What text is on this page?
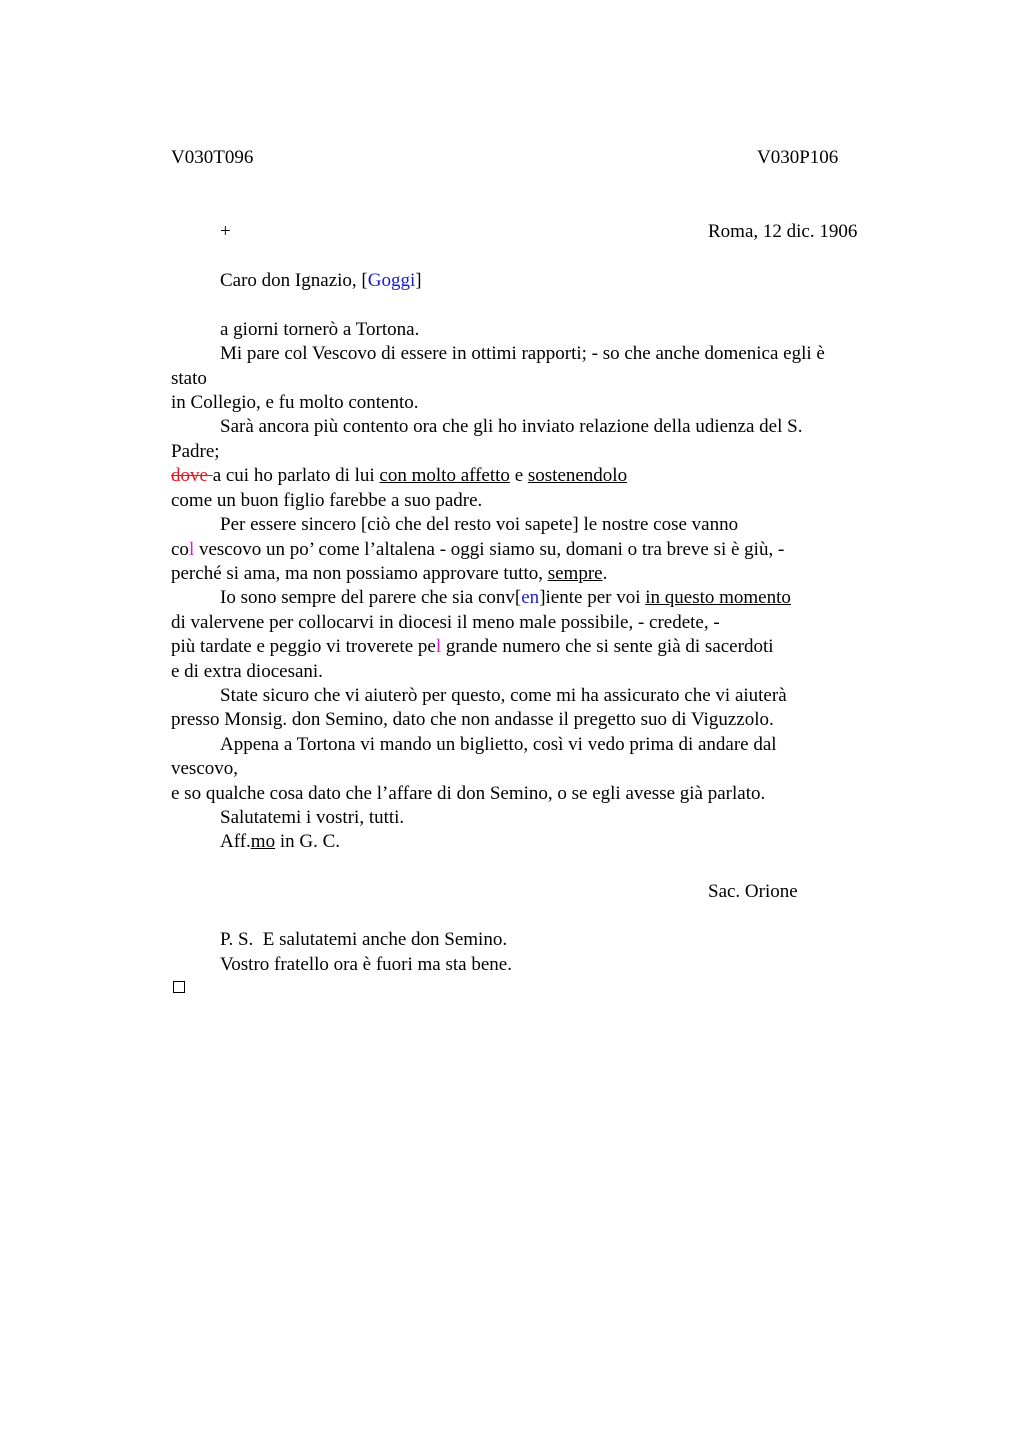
V030T096	V030P106
+	Roma, 12 dic. 1906
Caro don Ignazio, [Goggi]
a giorni tornerò a Tortona.
Mi pare col Vescovo di essere in ottimi rapporti; - so che anche domenica egli è
stato
in Collegio, e fu molto contento.
Sarà ancora più contento ora che gli ho inviato relazione della udienza del S.
Padre;
dove a cui ho parlato di lui con molto affetto e sostenendolo
come un buon figlio farebbe a suo padre.
Per essere sincero [ciò che del resto voi sapete] le nostre cose vanno
col vescovo un po’ come l’altalena - oggi siamo su, domani o tra breve si è giù, -
perché si ama, ma non possiamo approvare tutto, sempre.
Io sono sempre del parere che sia conv[en]iente per voi in questo momento
di valervene per collocarvi in diocesi il meno male possibile, - credete, -
più tardate e peggio vi troverete pel grande numero che si sente già di sacerdoti
e di extra diocesani.
State sicuro che vi aiuterò per questo, come mi ha assicurato che vi aiuterà
presso Monsig. don Semino, dato che non andasse il pregetto suo di Viguzzolo.
Appena a Tortona vi mando un biglietto, così vi vedo prima di andare dal
vescovo,
e so qualche cosa dato che l’affare di don Semino, o se egli avesse già parlato.
Salutatemi i vostri, tutti.
Aff.mo in G. C.
Sac. Orione
P. S.  E salutatemi anche don Semino.
Vostro fratello ora è fuori ma sta bene.
